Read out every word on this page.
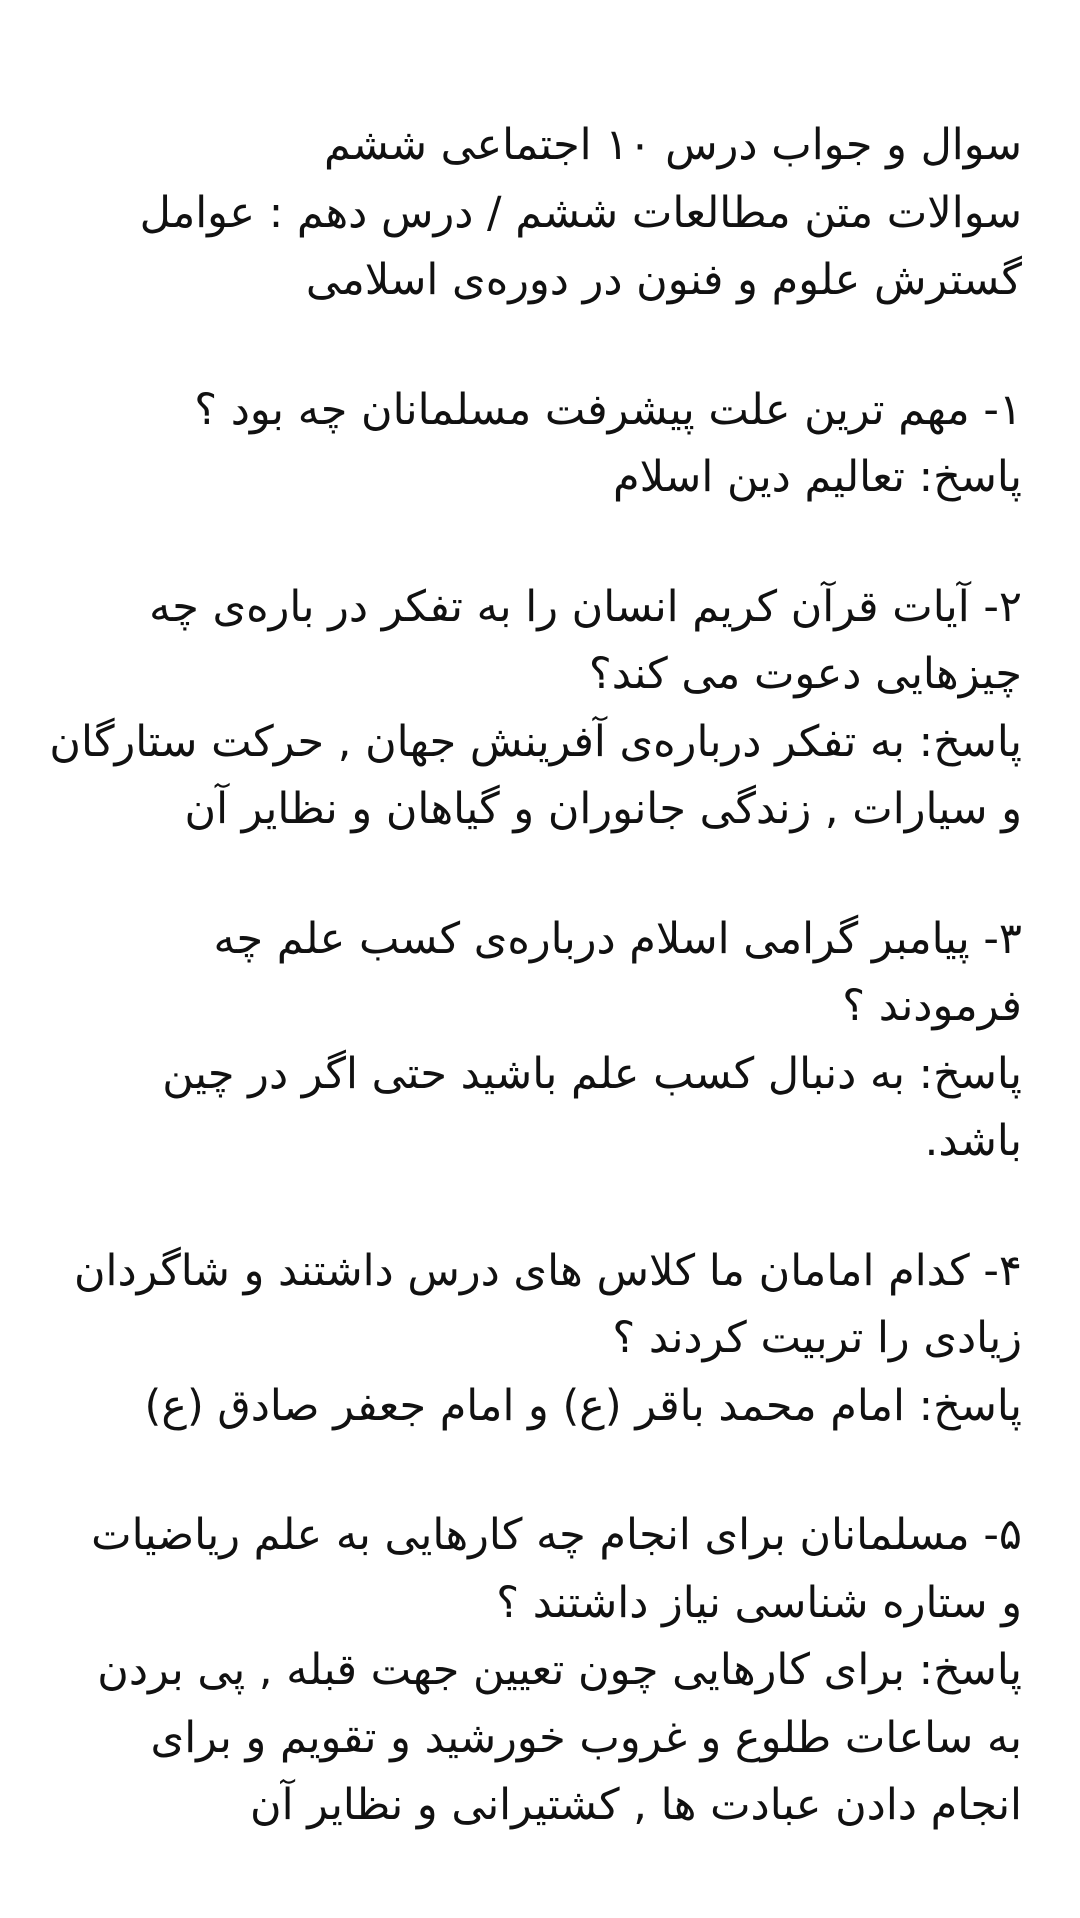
سوال و جواب درس ۱۰ اجتماعی ششم
سوالات متن مطالعات ششم / درس دهم : عوامل
گسترش علوم و فنون در دوره‌ی اسلامی
۱- مهم ترین علت پیشرفت مسلمانان چه بود ؟
پاسخ: تعالیم دین اسلام
۲- آیات قرآن کریم انسان را به تفکر در باره‌ی چه
چیزهایی دعوت می کند؟
پاسخ: به تفکر درباره‌ی آفرینش جهان , حرکت ستارگان
و سیارات , زندگی جانوران و گیاهان و نظایر آن
۳- پیامبر گرامی اسلام درباره‌ی کسب علم چه
فرمودند ؟
پاسخ: به دنبال کسب علم باشید حتی اگر در چین
باشد.
۴- کدام امامان ما کلاس های درس داشتند و شاگردان
زیادی را تربیت کردند ؟
پاسخ: امام محمد باقر (ع) و امام جعفر صادق (ع)
۵- مسلمانان برای انجام چه کارهایی به علم ریاضیات
و ستاره شناسی نیاز داشتند ؟
پاسخ: برای کارهایی چون تعیین جهت قبله , پی بردن
به ساعات طلوع و غروب خورشید و تقویم و برای
انجام دادن عبادت ها , کشتیرانی و نظایر آن
